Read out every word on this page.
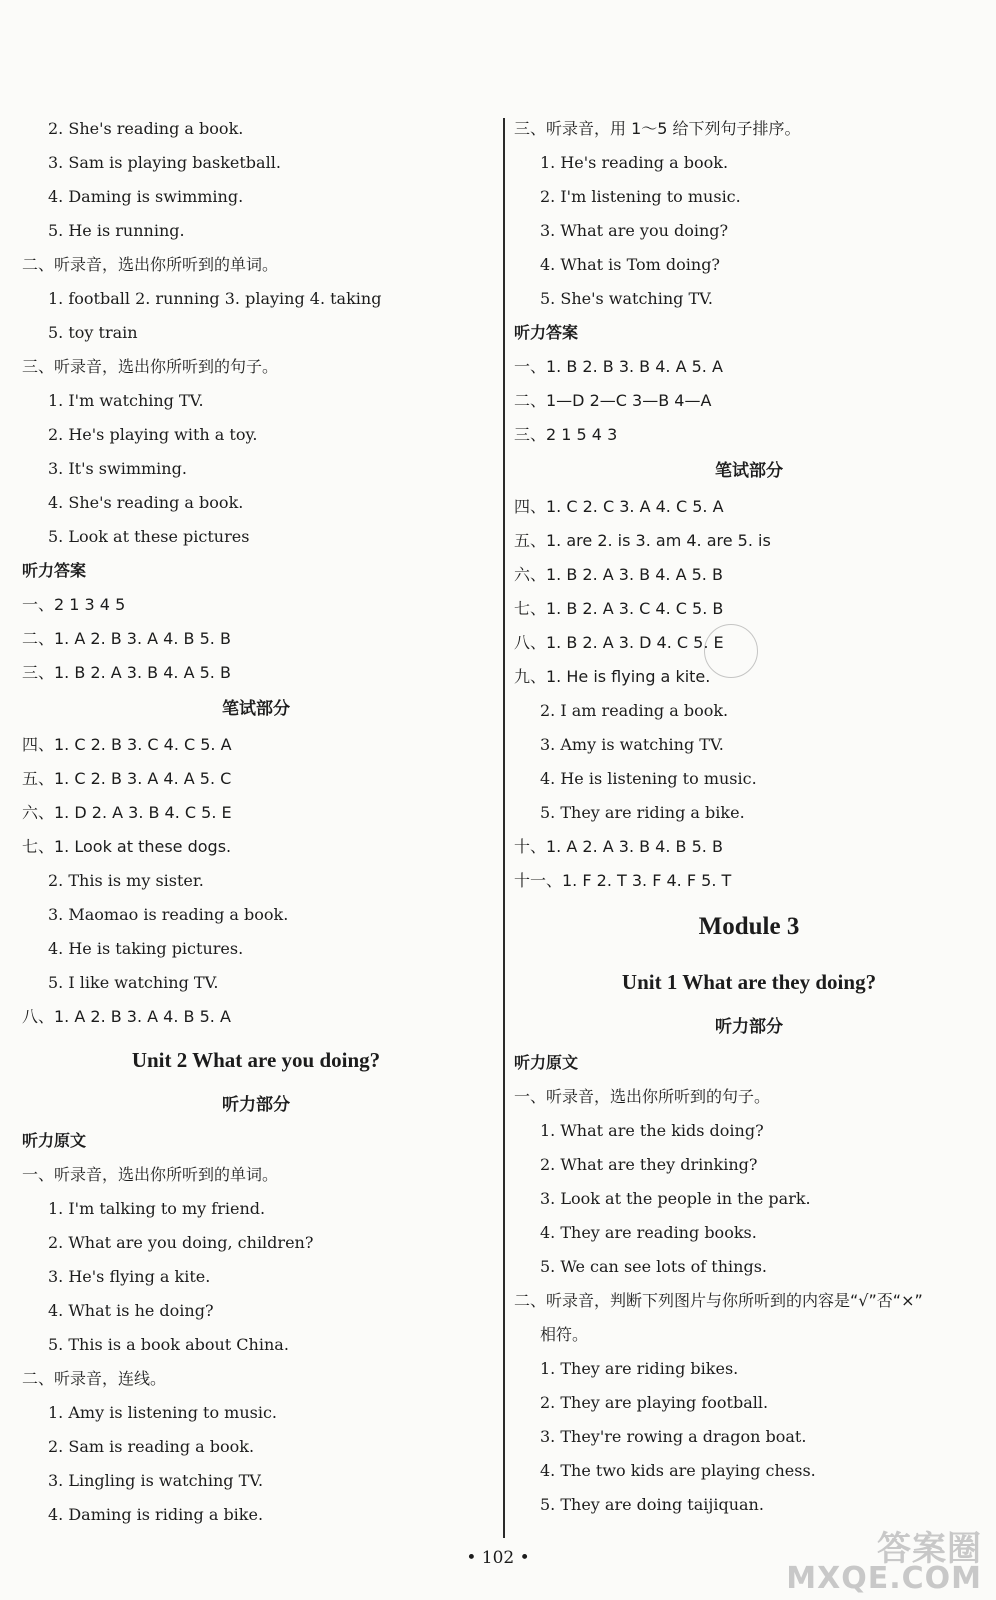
2. She's reading a book.
3. Sam is playing basketball.
4. Daming is swimming.
5. He is running.
二、听录音，选出你所听到的单词。
1. football 2. running 3. playing 4. taking
5. toy train
三、听录音，选出你所听到的句子。
1. I'm watching TV.
2. He's playing with a toy.
3. It's swimming.
4. She's reading a book.
5. Look at these pictures
听力答案
一、2 1 3 4 5
二、1. A 2. B 3. A 4. B 5. B
三、1. B 2. A 3. B 4. A 5. B
笔试部分
四、1. C 2. B 3. C 4. C 5. A
五、1. C 2. B 3. A 4. A 5. C
六、1. D 2. A 3. B 4. C 5. E
七、1. Look at these dogs.
2. This is my sister.
3. Maomao is reading a book.
4. He is taking pictures.
5. I like watching TV.
八、1. A 2. B 3. A 4. B 5. A
Unit 2 What are you doing?
听力部分
听力原文
一、听录音，选出你所听到的单词。
1. I'm talking to my friend.
2. What are you doing, children?
3. He's flying a kite.
4. What is he doing?
5. This is a book about China.
二、听录音，连线。
1. Amy is listening to music.
2. Sam is reading a book.
3. Lingling is watching TV.
4. Daming is riding a bike.
三、听录音，用 1～5 给下列句子排序。
1. He's reading a book.
2. I'm listening to music.
3. What are you doing?
4. What is Tom doing?
5. She's watching TV.
听力答案
一、1. B 2. B 3. B 4. A 5. A
二、1—D 2—C 3—B 4—A
三、2 1 5 4 3
笔试部分
四、1. C 2. C 3. A 4. C 5. A
五、1. are 2. is 3. am 4. are 5. is
六、1. B 2. A 3. B 4. A 5. B
七、1. B 2. A 3. C 4. C 5. B
八、1. B 2. A 3. D 4. C 5. E
九、1. He is flying a kite.
2. I am reading a book.
3. Amy is watching TV.
4. He is listening to music.
5. They are riding a bike.
十、1. A 2. A 3. B 4. B 5. B
十一、1. F 2. T 3. F 4. F 5. T
Module 3
Unit 1 What are they doing?
听力部分
听力原文
一、听录音，选出你所听到的句子。
1. What are the kids doing?
2. What are they drinking?
3. Look at the people in the park.
4. They are reading books.
5. We can see lots of things.
二、听录音，判断下列图片与你所听到的内容是“√”否“×”
相符。
1. They are riding bikes.
2. They are playing football.
3. They're rowing a dragon boat.
4. The two kids are playing chess.
5. They are doing taijiquan.
• 102 •	答案圈
MXQE.COM
